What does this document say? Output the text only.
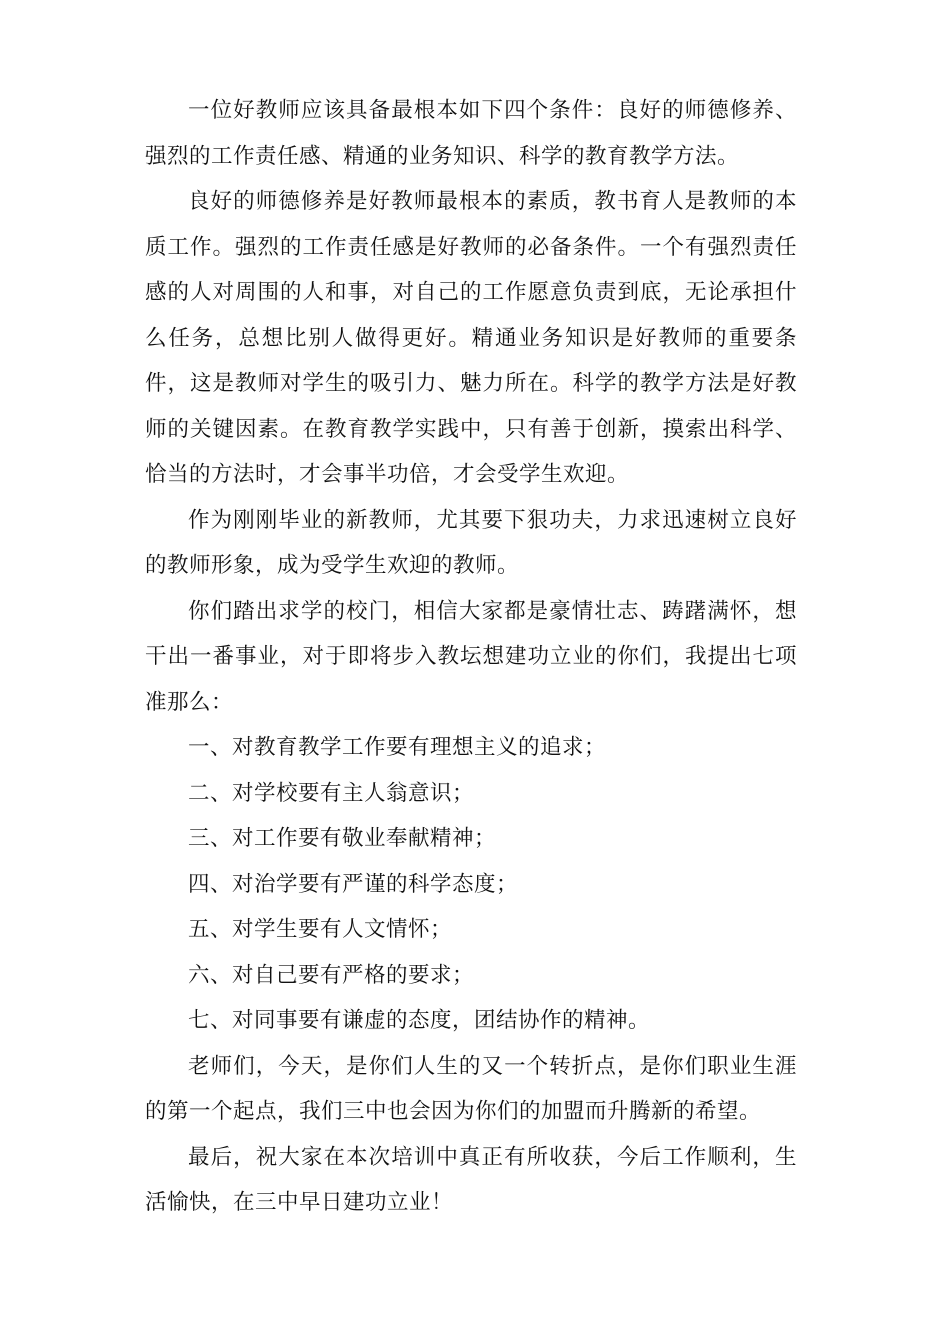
一位好教师应该具备最根本如下四个条件：良好的师德修养、强烈的工作责任感、精通的业务知识、科学的教育教学方法。

良好的师德修养是好教师最根本的素质，教书育人是教师的本质工作。强烈的工作责任感是好教师的必备条件。一个有强烈责任感的人对周围的人和事，对自己的工作愿意负责到底，无论承担什么任务，总想比别人做得更好。精通业务知识是好教师的重要条件，这是教师对学生的吸引力、魅力所在。科学的教学方法是好教师的关键因素。在教育教学实践中，只有善于创新，摸索出科学、恰当的方法时，才会事半功倍，才会受学生欢迎。

作为刚刚毕业的新教师，尤其要下狠功夫，力求迅速树立良好的教师形象，成为受学生欢迎的教师。

你们踏出求学的校门，相信大家都是豪情壮志、踌躇满怀，想干出一番事业，对于即将步入教坛想建功立业的你们，我提出七项准那么：

一、对教育教学工作要有理想主义的追求；

二、对学校要有主人翁意识；

三、对工作要有敬业奉献精神；

四、对治学要有严谨的科学态度；

五、对学生要有人文情怀；

六、对自己要有严格的要求；

七、对同事要有谦虚的态度，团结协作的精神。

老师们，今天，是你们人生的又一个转折点，是你们职业生涯的第一个起点，我们三中也会因为你们的加盟而升腾新的希望。

最后，祝大家在本次培训中真正有所收获，今后工作顺利，生活愉快，在三中早日建功立业！
